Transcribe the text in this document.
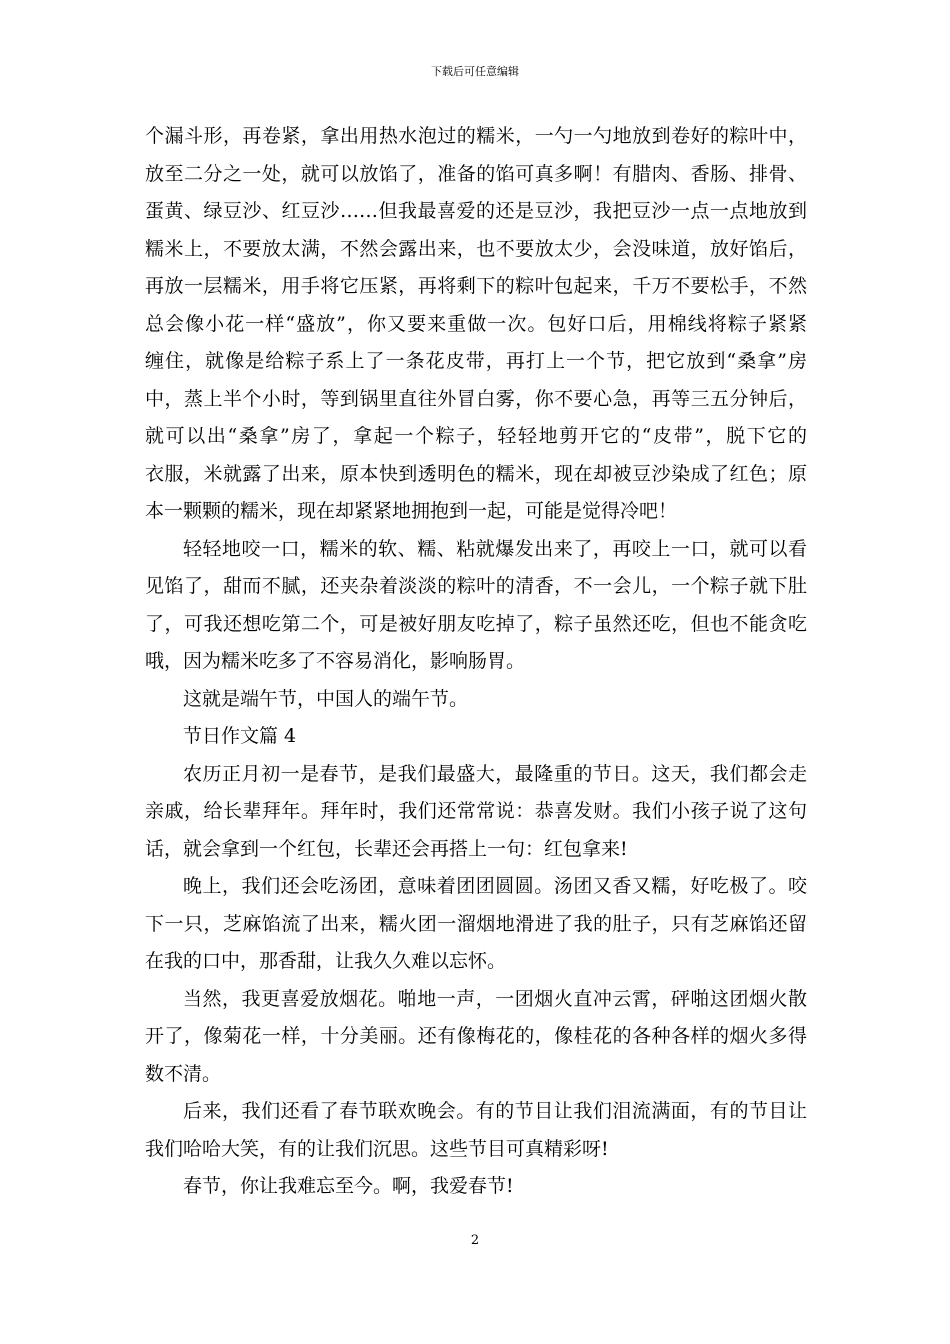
下载后可任意编辑
个漏斗形，再卷紧，拿出用热水泡过的糯米，一勺一勺地放到卷好的粽叶中，
放至二分之一处，就可以放馅了，准备的馅可真多啊！有腊肉、香肠、排骨、
蛋黄、绿豆沙、红豆沙……但我最喜爱的还是豆沙，我把豆沙一点一点地放到
糯米上，不要放太满，不然会露出来，也不要放太少，会没味道，放好馅后，
再放一层糯米，用手将它压紧，再将剩下的粽叶包起来，千万不要松手，不然
总会像小花一样“盛放”，你又要来重做一次。包好口后，用棉线将粽子紧紧
缠住，就像是给粽子系上了一条花皮带，再打上一个节，把它放到“桑拿”房
中，蒸上半个小时，等到锅里直往外冒白雾，你不要心急，再等三五分钟后，
就可以出“桑拿”房了，拿起一个粽子，轻轻地剪开它的“皮带”，脱下它的
衣服，米就露了出来，原本快到透明色的糯米，现在却被豆沙染成了红色；原
本一颗颗的糯米，现在却紧紧地拥抱到一起，可能是觉得冷吧！
轻轻地咬一口，糯米的软、糯、粘就爆发出来了，再咬上一口，就可以看
见馅了，甜而不腻，还夹杂着淡淡的粽叶的清香，不一会儿，一个粽子就下肚
了，可我还想吃第二个，可是被好朋友吃掉了，粽子虽然还吃，但也不能贪吃
哦，因为糯米吃多了不容易消化，影响肠胃。
这就是端午节，中国人的端午节。
节日作文篇 4
农历正月初一是春节，是我们最盛大，最隆重的节日。这天，我们都会走
亲戚，给长辈拜年。拜年时，我们还常常说：恭喜发财。我们小孩子说了这句
话，就会拿到一个红包，长辈还会再搭上一句：红包拿来!
晚上，我们还会吃汤团，意味着团团圆圆。汤团又香又糯，好吃极了。咬
下一只，芝麻馅流了出来，糯火团一溜烟地滑进了我的肚子，只有芝麻馅还留
在我的口中，那香甜，让我久久难以忘怀。
当然，我更喜爱放烟花。啪地一声，一团烟火直冲云霄，砰啪这团烟火散
开了，像菊花一样，十分美丽。还有像梅花的，像桂花的各种各样的烟火多得
数不清。
后来，我们还看了春节联欢晚会。有的节目让我们泪流满面，有的节目让
我们哈哈大笑，有的让我们沉思。这些节目可真精彩呀!
春节，你让我难忘至今。啊，我爱春节!
2
